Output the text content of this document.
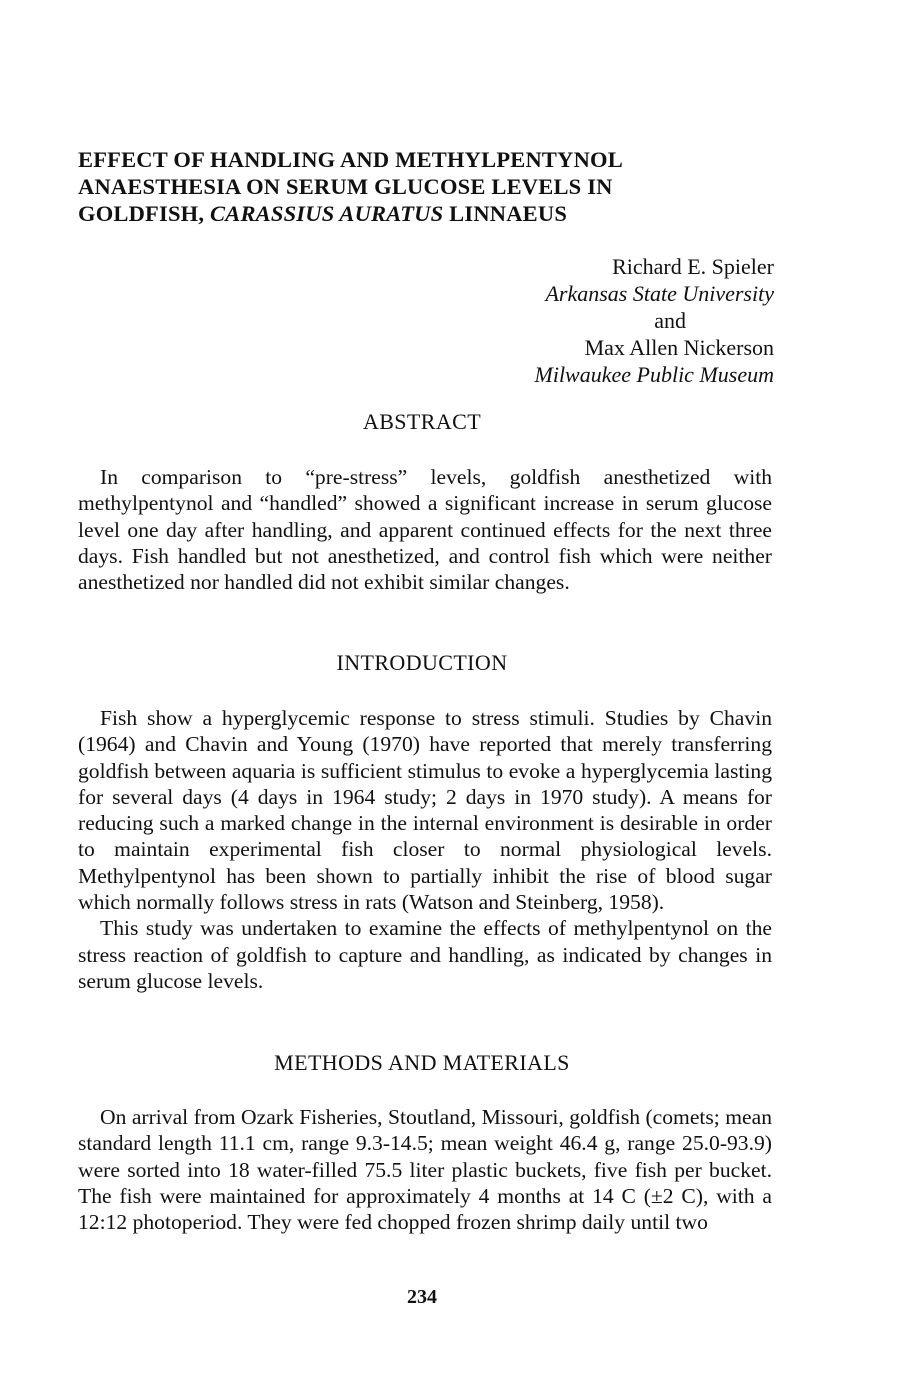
EFFECT OF HANDLING AND METHYLPENTYNOL
ANAESTHESIA ON SERUM GLUCOSE LEVELS IN
GOLDFISH, CARASSIUS AURATUS LINNAEUS
Richard E. Spieler
Arkansas State University
and
Max Allen Nickerson
Milwaukee Public Museum
ABSTRACT

In comparison to “pre-stress” levels, goldfish anesthetized with methylpentynol and “handled” showed a significant increase in serum glucose level one day after handling, and apparent continued effects for the next three days. Fish handled but not anesthetized, and control fish which were neither anesthetized nor handled did not exhibit similar changes.

INTRODUCTION

Fish show a hyperglycemic response to stress stimuli. Studies by Chavin (1964) and Chavin and Young (1970) have reported that merely transferring goldfish between aquaria is sufficient stimulus to evoke a hyperglycemia lasting for several days (4 days in 1964 study; 2 days in 1970 study). A means for reducing such a marked change in the internal environment is desirable in order to maintain experimental fish closer to normal physiological levels. Methylpentynol has been shown to partially inhibit the rise of blood sugar which normally follows stress in rats (Watson and Steinberg, 1958).

This study was undertaken to examine the effects of methylpentynol on the stress reaction of goldfish to capture and handling, as indicated by changes in serum glucose levels.

METHODS AND MATERIALS

On arrival from Ozark Fisheries, Stoutland, Missouri, goldfish (comets; mean standard length 11.1 cm, range 9.3-14.5; mean weight 46.4 g, range 25.0-93.9) were sorted into 18 water-filled 75.5 liter plastic buckets, five fish per bucket. The fish were maintained for approximately 4 months at 14 C (±2 C), with a 12:12 photoperiod. They were fed chopped frozen shrimp daily until two

234
